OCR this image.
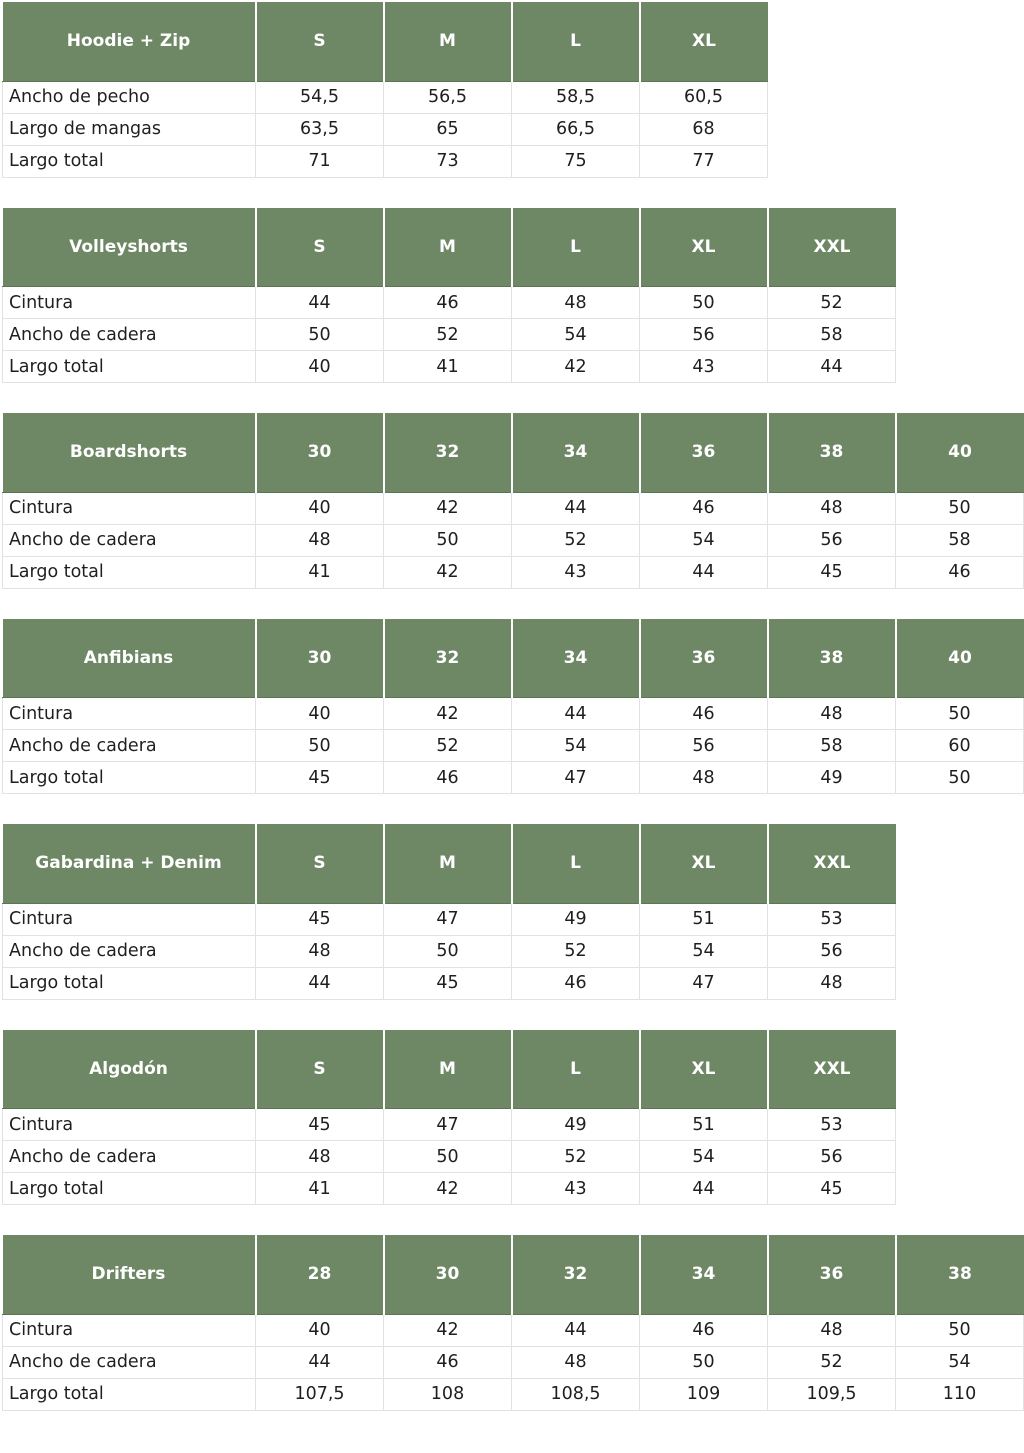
Hoodie + Zip	S	M	L	XL
Ancho de pecho	54,5	56,5	58,5	60,5
Largo de mangas	63,5	65	66,5	68
Largo total	71	73	75	77
Volleyshorts	S	M	L	XL	XXL
Cintura	44	46	48	50	52
Ancho de cadera	50	52	54	56	58
Largo total	40	41	42	43	44
Boardshorts	30	32	34	36	38	40
Cintura	40	42	44	46	48	50
Ancho de cadera	48	50	52	54	56	58
Largo total	41	42	43	44	45	46
Anfibians	30	32	34	36	38	40
Cintura	40	42	44	46	48	50
Ancho de cadera	50	52	54	56	58	60
Largo total	45	46	47	48	49	50
Gabardina + Denim	S	M	L	XL	XXL
Cintura	45	47	49	51	53
Ancho de cadera	48	50	52	54	56
Largo total	44	45	46	47	48
Algodón	S	M	L	XL	XXL
Cintura	45	47	49	51	53
Ancho de cadera	48	50	52	54	56
Largo total	41	42	43	44	45
Drifters	28	30	32	34	36	38
Cintura	40	42	44	46	48	50
Ancho de cadera	44	46	48	50	52	54
Largo total	107,5	108	108,5	109	109,5	110
